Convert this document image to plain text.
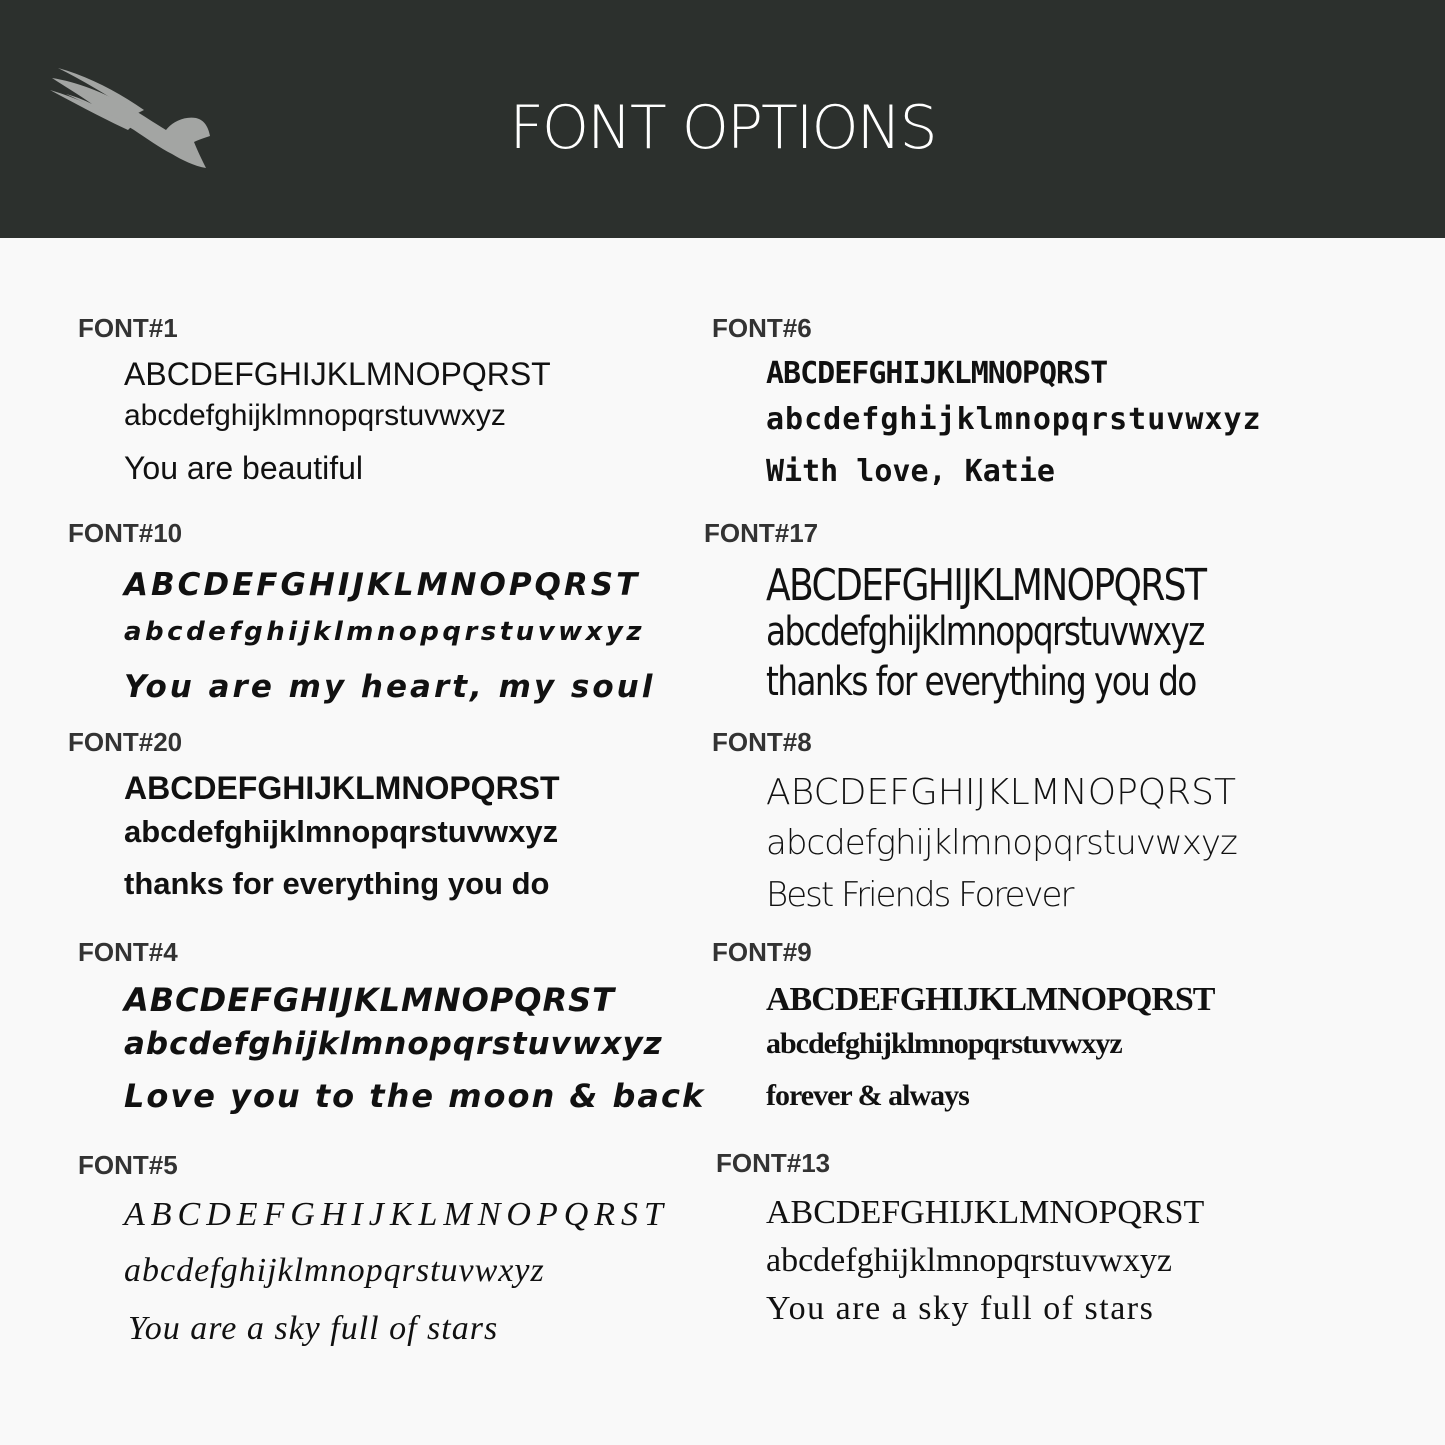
FONT OPTIONS
FONT#1
ABCDEFGHIJKLMNOPQRST
abcdefghijklmnopqrstuvwxyz
You are beautiful
FONT#10
ABCDEFGHIJKLMNOPQRST
abcdefghijklmnopqrstuvwxyz
You are my heart, my soul
FONT#20
ABCDEFGHIJKLMNOPQRST
abcdefghijklmnopqrstuvwxyz
thanks for everything you do
FONT#4
ABCDEFGHIJKLMNOPQRST
abcdefghijklmnopqrstuvwxyz
Love you to the moon & back
FONT#5
ABCDEFGHIJKLMNOPQRST
abcdefghijklmnopqrstuvwxyz
You are a sky full of stars
FONT#6
ABCDEFGHIJKLMNOPQRST
abcdefghijklmnopqrstuvwxyz
With love, Katie
FONT#17
ABCDEFGHIJKLMNOPQRST
abcdefghijklmnopqrstuvwxyz
thanks for everything you do
FONT#8
ABCDEFGHIJKLMNOPQRST
abcdefghijklmnopqrstuvwxyz
Best Friends Forever
FONT#9
ABCDEFGHIJKLMNOPQRST
abcdefghijklmnopqrstuvwxyz
forever & always
FONT#13
ABCDEFGHIJKLMNOPQRST
abcdefghijklmnopqrstuvwxyz
You are a sky full of stars
